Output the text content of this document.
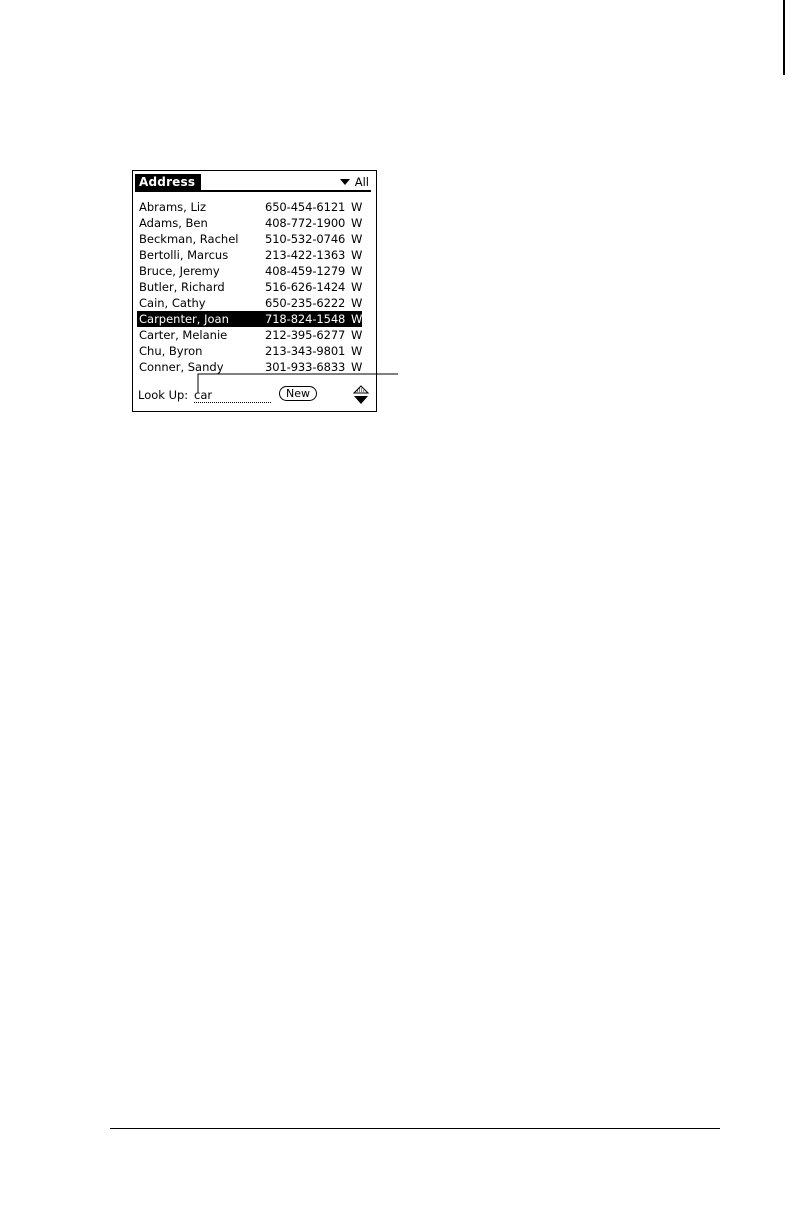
Address	All
Abrams, Liz	650-454-6121 W
Adams, Ben	408-772-1900 W
Beckman, Rachel 510-532-0746 W
Bertolli, Marcus	213-422-1363 W
Bruce, Jeremy	408-459-1279 W
Butler, Richard	516-626-1424 W
Cain, Cathy	650-235-6222 W
Carpenter, Joan	718-824-1548 W
Carter, Melanie	212-395-6277 W
Chu, Byron	213-343-9801 W
Conner, Sandy	301-933-6833 W
Look Up:
car	New
